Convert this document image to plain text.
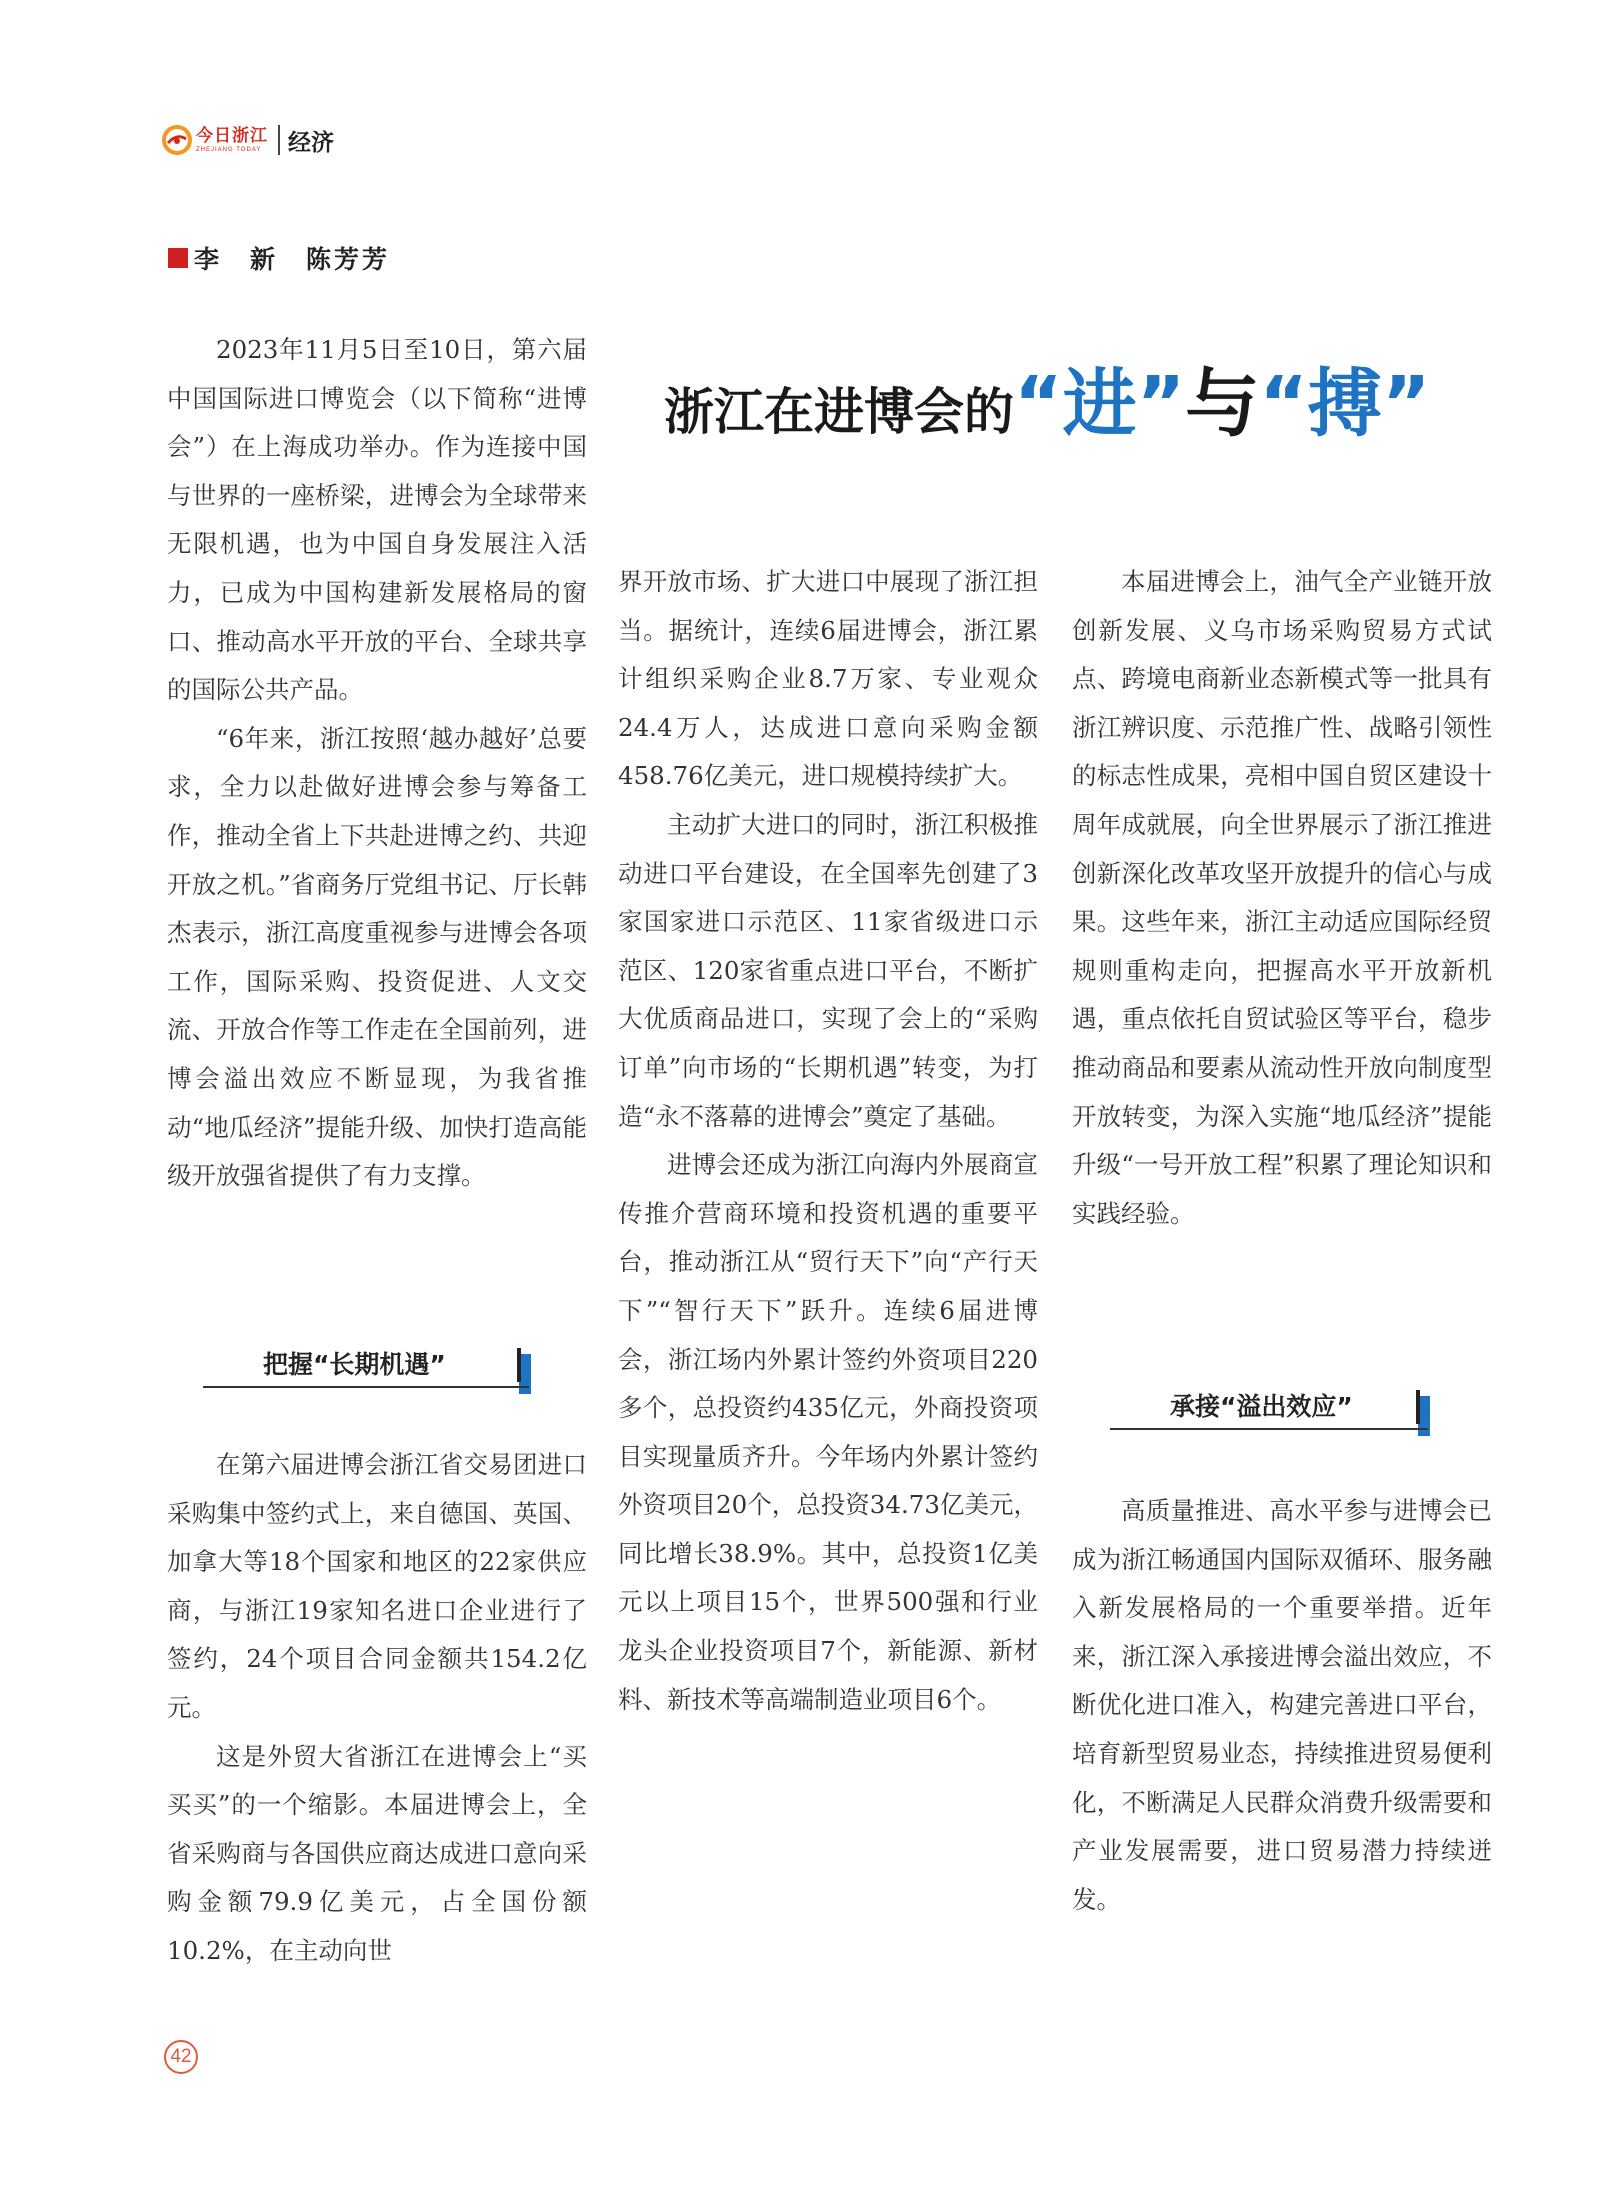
今日浙江
ZHEJIANG TODAY 经济
李　新　陈芳芳
浙江在进博会的“进”与“搏”

2023年11月5日至10日，第六届中国国际进口博览会（以下简称“进博会”）在上海成功举办。作为连接中国与世界的一座桥梁，进博会为全球带来无限机遇，也为中国自身发展注入活力，已成为中国构建新发展格局的窗口、推动高水平开放的平台、全球共享的国际公共产品。

“6年来，浙江按照‘越办越好’总要求，全力以赴做好进博会参与筹备工作，推动全省上下共赴进博之约、共迎开放之机。”省商务厅党组书记、厅长韩杰表示，浙江高度重视参与进博会各项工作，国际采购、投资促进、人文交流、开放合作等工作走在全国前列，进博会溢出效应不断显现，为我省推动“地瓜经济”提能升级、加快打造高能级开放强省提供了有力支撑。

把握“长期机遇”

在第六届进博会浙江省交易团进口采购集中签约式上，来自德国、英国、加拿大等18个国家和地区的22家供应商，与浙江19家知名进口企业进行了签约，24个项目合同金额共154.2亿元。

这是外贸大省浙江在进博会上“买买买”的一个缩影。本届进博会上，全省采购商与各国供应商达成进口意向采购金额79.9亿美元，占全国份额10.2%，在主动向世

界开放市场、扩大进口中展现了浙江担当。据统计，连续6届进博会，浙江累计组织采购企业8.7万家、专业观众24.4万人，达成进口意向采购金额458.76亿美元，进口规模持续扩大。

主动扩大进口的同时，浙江积极推动进口平台建设，在全国率先创建了3家国家进口示范区、11家省级进口示范区、120家省重点进口平台，不断扩大优质商品进口，实现了会上的“采购订单”向市场的“长期机遇”转变，为打造“永不落幕的进博会”奠定了基础。

进博会还成为浙江向海内外展商宣传推介营商环境和投资机遇的重要平台，推动浙江从“贸行天下”向“产行天下”“智行天下”跃升。连续6届进博会，浙江场内外累计签约外资项目220多个，总投资约435亿元，外商投资项目实现量质齐升。今年场内外累计签约外资项目20个，总投资34.73亿美元，同比增长38.9%。其中，总投资1亿美元以上项目15个，世界500强和行业龙头企业投资项目7个，新能源、新材料、新技术等高端制造业项目6个。

本届进博会上，油气全产业链开放创新发展、义乌市场采购贸易方式试点、跨境电商新业态新模式等一批具有浙江辨识度、示范推广性、战略引领性的标志性成果，亮相中国自贸区建设十周年成就展，向全世界展示了浙江推进创新深化改革攻坚开放提升的信心与成果。这些年来，浙江主动适应国际经贸规则重构走向，把握高水平开放新机遇，重点依托自贸试验区等平台，稳步推动商品和要素从流动性开放向制度型开放转变，为深入实施“地瓜经济”提能升级“一号开放工程”积累了理论知识和实践经验。

承接“溢出效应”

高质量推进、高水平参与进博会已成为浙江畅通国内国际双循环、服务融入新发展格局的一个重要举措。近年来，浙江深入承接进博会溢出效应，不断优化进口准入，构建完善进口平台，培育新型贸易业态，持续推进贸易便利化，不断满足人民群众消费升级需要和产业发展需要，进口贸易潜力持续迸发。

42
